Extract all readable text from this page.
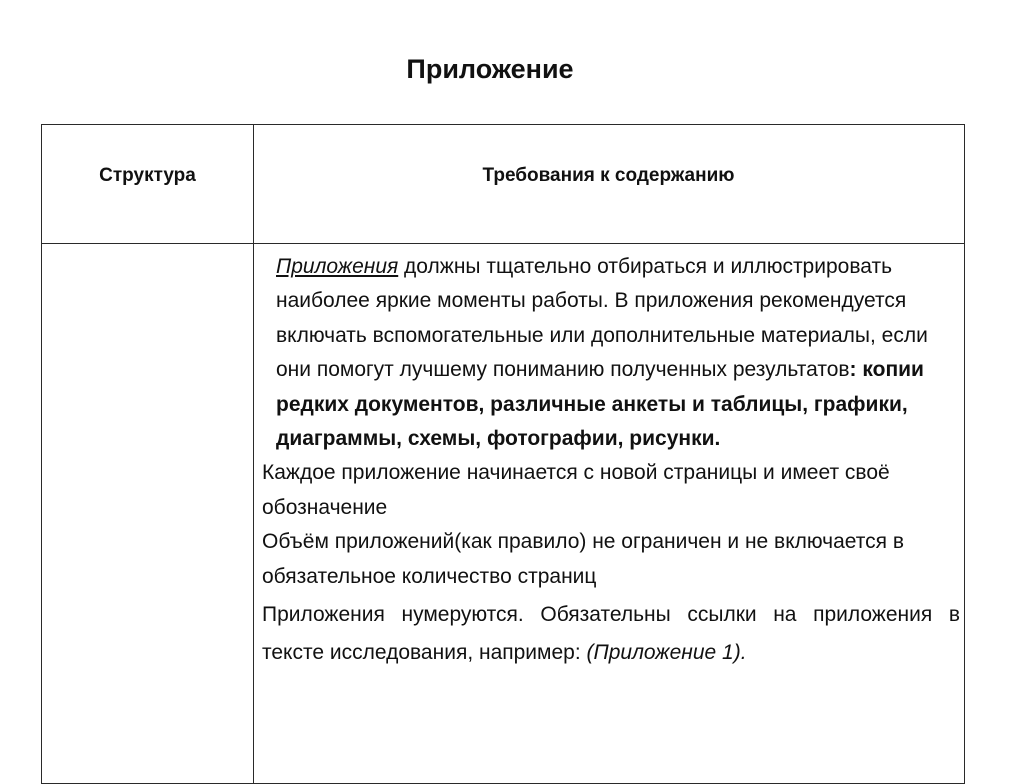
Приложение
Структура	Требования к содержанию

Приложения должны тщательно отбираться и иллюстрировать наиболее яркие моменты работы. В приложения рекомендуется включать вспомогательные или дополнительные материалы, если они помогут лучшему пониманию полученных результатов: копии редких документов, различные анкеты и таблицы, графики, диаграммы, схемы, фотографии, рисунки.

Каждое приложение начинается с новой страницы и имеет своё обозначение

Объём приложений(как правило) не ограничен и не включается в обязательное количество страниц

Приложения нумеруются. Обязательны ссылки на приложения в тексте исследования, например: (Приложение 1).
